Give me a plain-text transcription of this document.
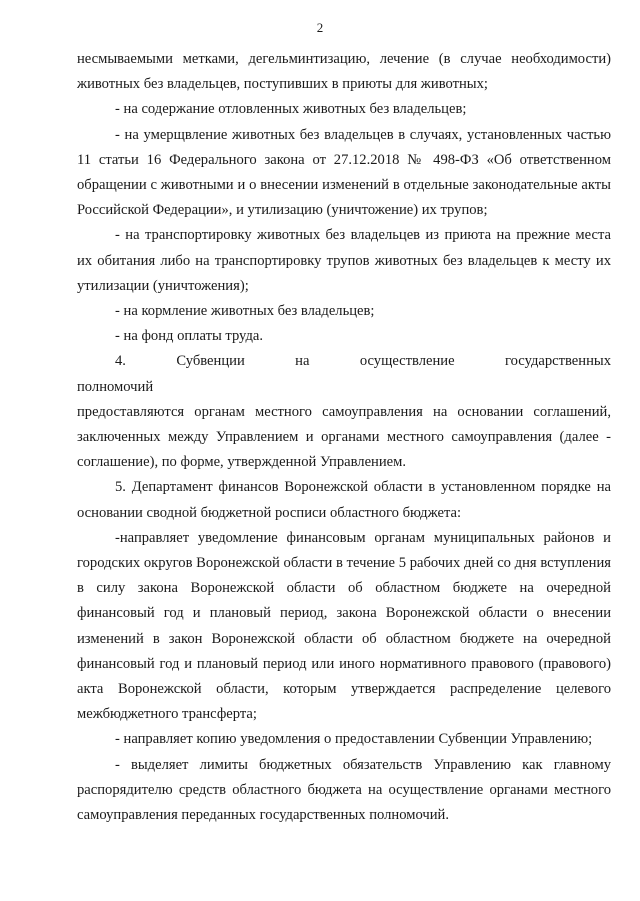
2

несмываемыми метками, дегельминтизацию, лечение (в случае необходимости) животных без владельцев, поступивших в приюты для животных;

- на содержание отловленных животных без владельцев;

- на умерщвление животных без владельцев в случаях, установленных частью 11 статьи 16 Федерального закона от 27.12.2018 № 498-ФЗ «Об ответственном обращении с животными и о внесении изменений в отдельные законодательные акты Российской Федерации», и утилизацию (уничтожение) их трупов;

- на транспортировку животных без владельцев из приюта на прежние места их обитания либо на транспортировку трупов животных без владельцев к месту их утилизации (уничтожения);

- на кормление животных без владельцев;

- на фонд оплаты труда.

4. Субвенции на осуществление государственных полномочий

предоставляются органам местного самоуправления на основании соглашений, заключенных между Управлением и органами местного самоуправления (далее - соглашение), по форме, утвержденной Управлением.

5. Департамент финансов Воронежской области в установленном порядке на основании сводной бюджетной росписи областного бюджета:

-направляет уведомление финансовым органам муниципальных районов и городских округов Воронежской области в течение 5 рабочих дней со дня вступления в силу закона Воронежской области об областном бюджете на очередной финансовый год и плановый период, закона Воронежской области о внесении изменений в закон Воронежской области об областном бюджете на очередной финансовый год и плановый период или иного нормативного правового (правового) акта Воронежской области, которым утверждается распределение целевого межбюджетного трансферта;

- направляет копию уведомления о предоставлении Субвенции Управлению;

- выделяет лимиты бюджетных обязательств Управлению как главному распорядителю средств областного бюджета на осуществление органами местного самоуправления переданных государственных полномочий.
